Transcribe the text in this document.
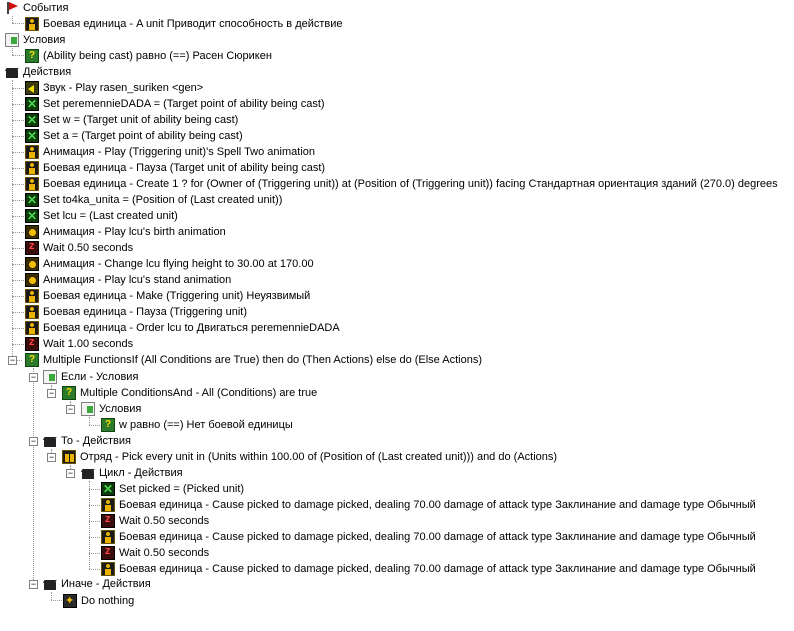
−
−
−
−
−
−
−
−
События
Боевая единица - A unit Приводит способность в действие
Условия
? (Ability being cast) равно (==) Расен Сюрикен
Действия
Звук - Play rasen_suriken <gen>
✕
Set peremennieDADA = (Target point of ability being cast)
✕
Set w = (Target unit of ability being cast)
✕
Set a = (Target point of ability being cast)
Анимация - Play (Triggering unit)'s Spell Two animation
Боевая единица - Пауза (Target unit of ability being cast)
Боевая единица - Create 1 ? for (Owner of (Triggering unit)) at (Position of (Triggering unit)) facing Стандартная ориентация зданий (270.0) degrees
✕
Set to4ka_unita = (Position of (Last created unit))
✕
Set lcu = (Last created unit)
Анимация - Play lcu's birth animation
z
Wait 0.50 seconds
Анимация - Change lcu flying height to 30.00 at 170.00
Анимация - Play lcu's stand animation
Боевая единица - Make (Triggering unit) Неуязвимый
Боевая единица - Пауза (Triggering unit)
Боевая единица - Order lcu to Двигаться peremennieDADA
z
Wait 1.00 seconds
? Multiple FunctionsIf (All Conditions are True) then do (Then Actions) else do (Else Actions)
Если - Условия
? Multiple ConditionsAnd - All (Conditions) are true
Условия
? w равно (==) Нет боевой единицы
То - Действия
Отряд - Pick every unit in (Units within 100.00 of (Position of (Last created unit))) and do (Actions)
Цикл - Действия
✕
Set picked = (Picked unit)
Боевая единица - Cause picked to damage picked, dealing 70.00 damage of attack type Заклинание and damage type Обычный
z
Wait 0.50 seconds
Боевая единица - Cause picked to damage picked, dealing 70.00 damage of attack type Заклинание and damage type Обычный
z
Wait 0.50 seconds
Боевая единица - Cause picked to damage picked, dealing 70.00 damage of attack type Заклинание and damage type Обычный
Иначе - Действия
✦
Do nothing
